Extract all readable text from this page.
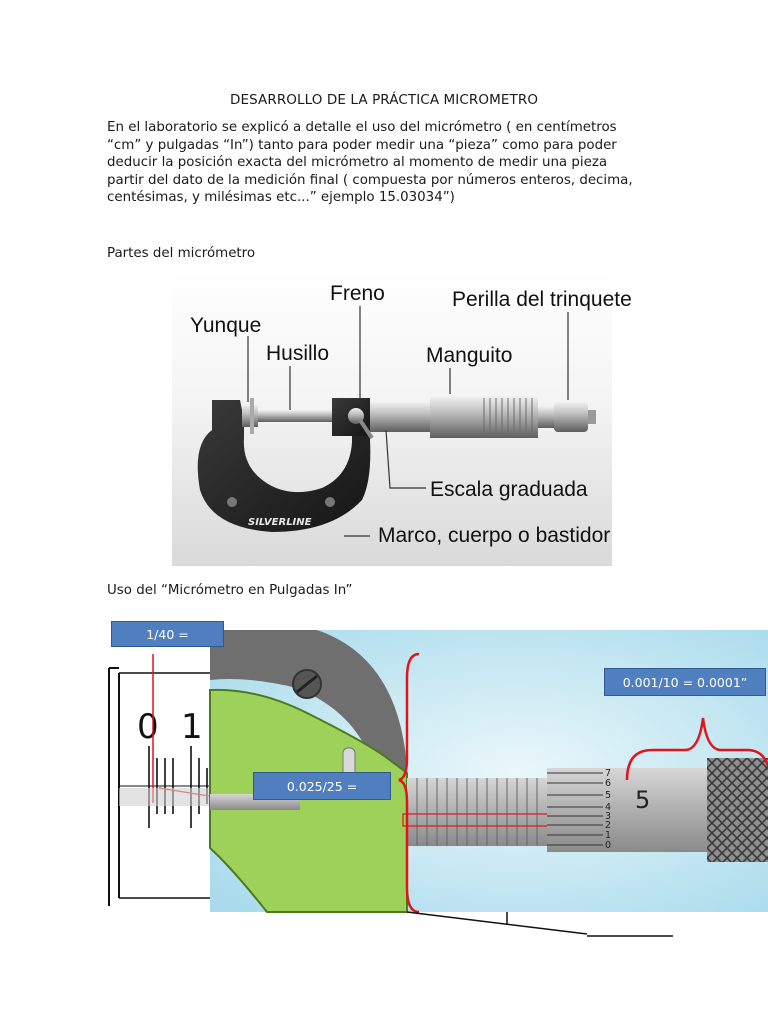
DESARROLLO DE LA PRÁCTICA MICROMETRO
En el laboratorio se explicó a detalle el uso del micrómetro ( en centímetros
“cm” y pulgadas “In”) tanto para poder medir una “pieza” como para poder
deducir la posición exacta del micrómetro al momento de medir una pieza
partir del dato de la medición final ( compuesta por números enteros, decima,
centésimas, y milésimas etc...” ejemplo 15.03034”)
Partes del micrómetro
SILVERLINE
Freno	Perilla del trinquete
Yunque
Husillo	Manguito
Escala graduada
Marco, cuerpo o bastidor
Uso del “Micrómetro en Pulgadas In”
0 1
7
6
5
4
3
2
1
0
5
1/40 =
0.001/10 = 0.0001”
0.025/25 =
